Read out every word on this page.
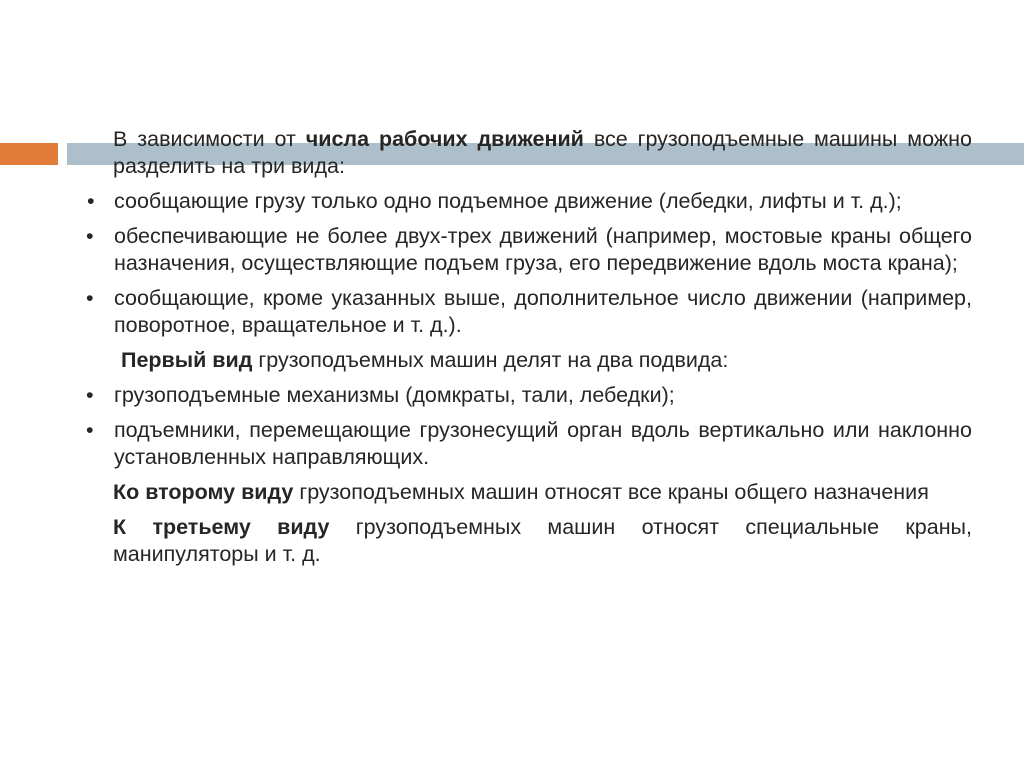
В зависимости от числа рабочих движений все грузоподъемные машины можно разделить на три вида:

• сообщающие грузу только одно подъемное движение (лебедки, лифты и т. д.);
• обеспечивающие не более двух-трех движений (например, мостовые краны общего назначения, осуществляющие подъем груза, его передвижение вдоль моста крана);
• сообщающие, кроме указанных выше, дополнительное число движении (например, поворотное, вращательное и т. д.).

Первый вид грузоподъемных машин делят на два подвида:

• грузоподъемные механизмы (домкраты, тали, лебедки);
• подъемники, перемещающие грузонесущий орган вдоль вертикально или наклонно установленных направляющих.

Ко второму виду грузоподъемных машин относят все краны общего назначения

К третьему виду грузоподъемных машин относят специальные краны, манипуляторы и т. д.
